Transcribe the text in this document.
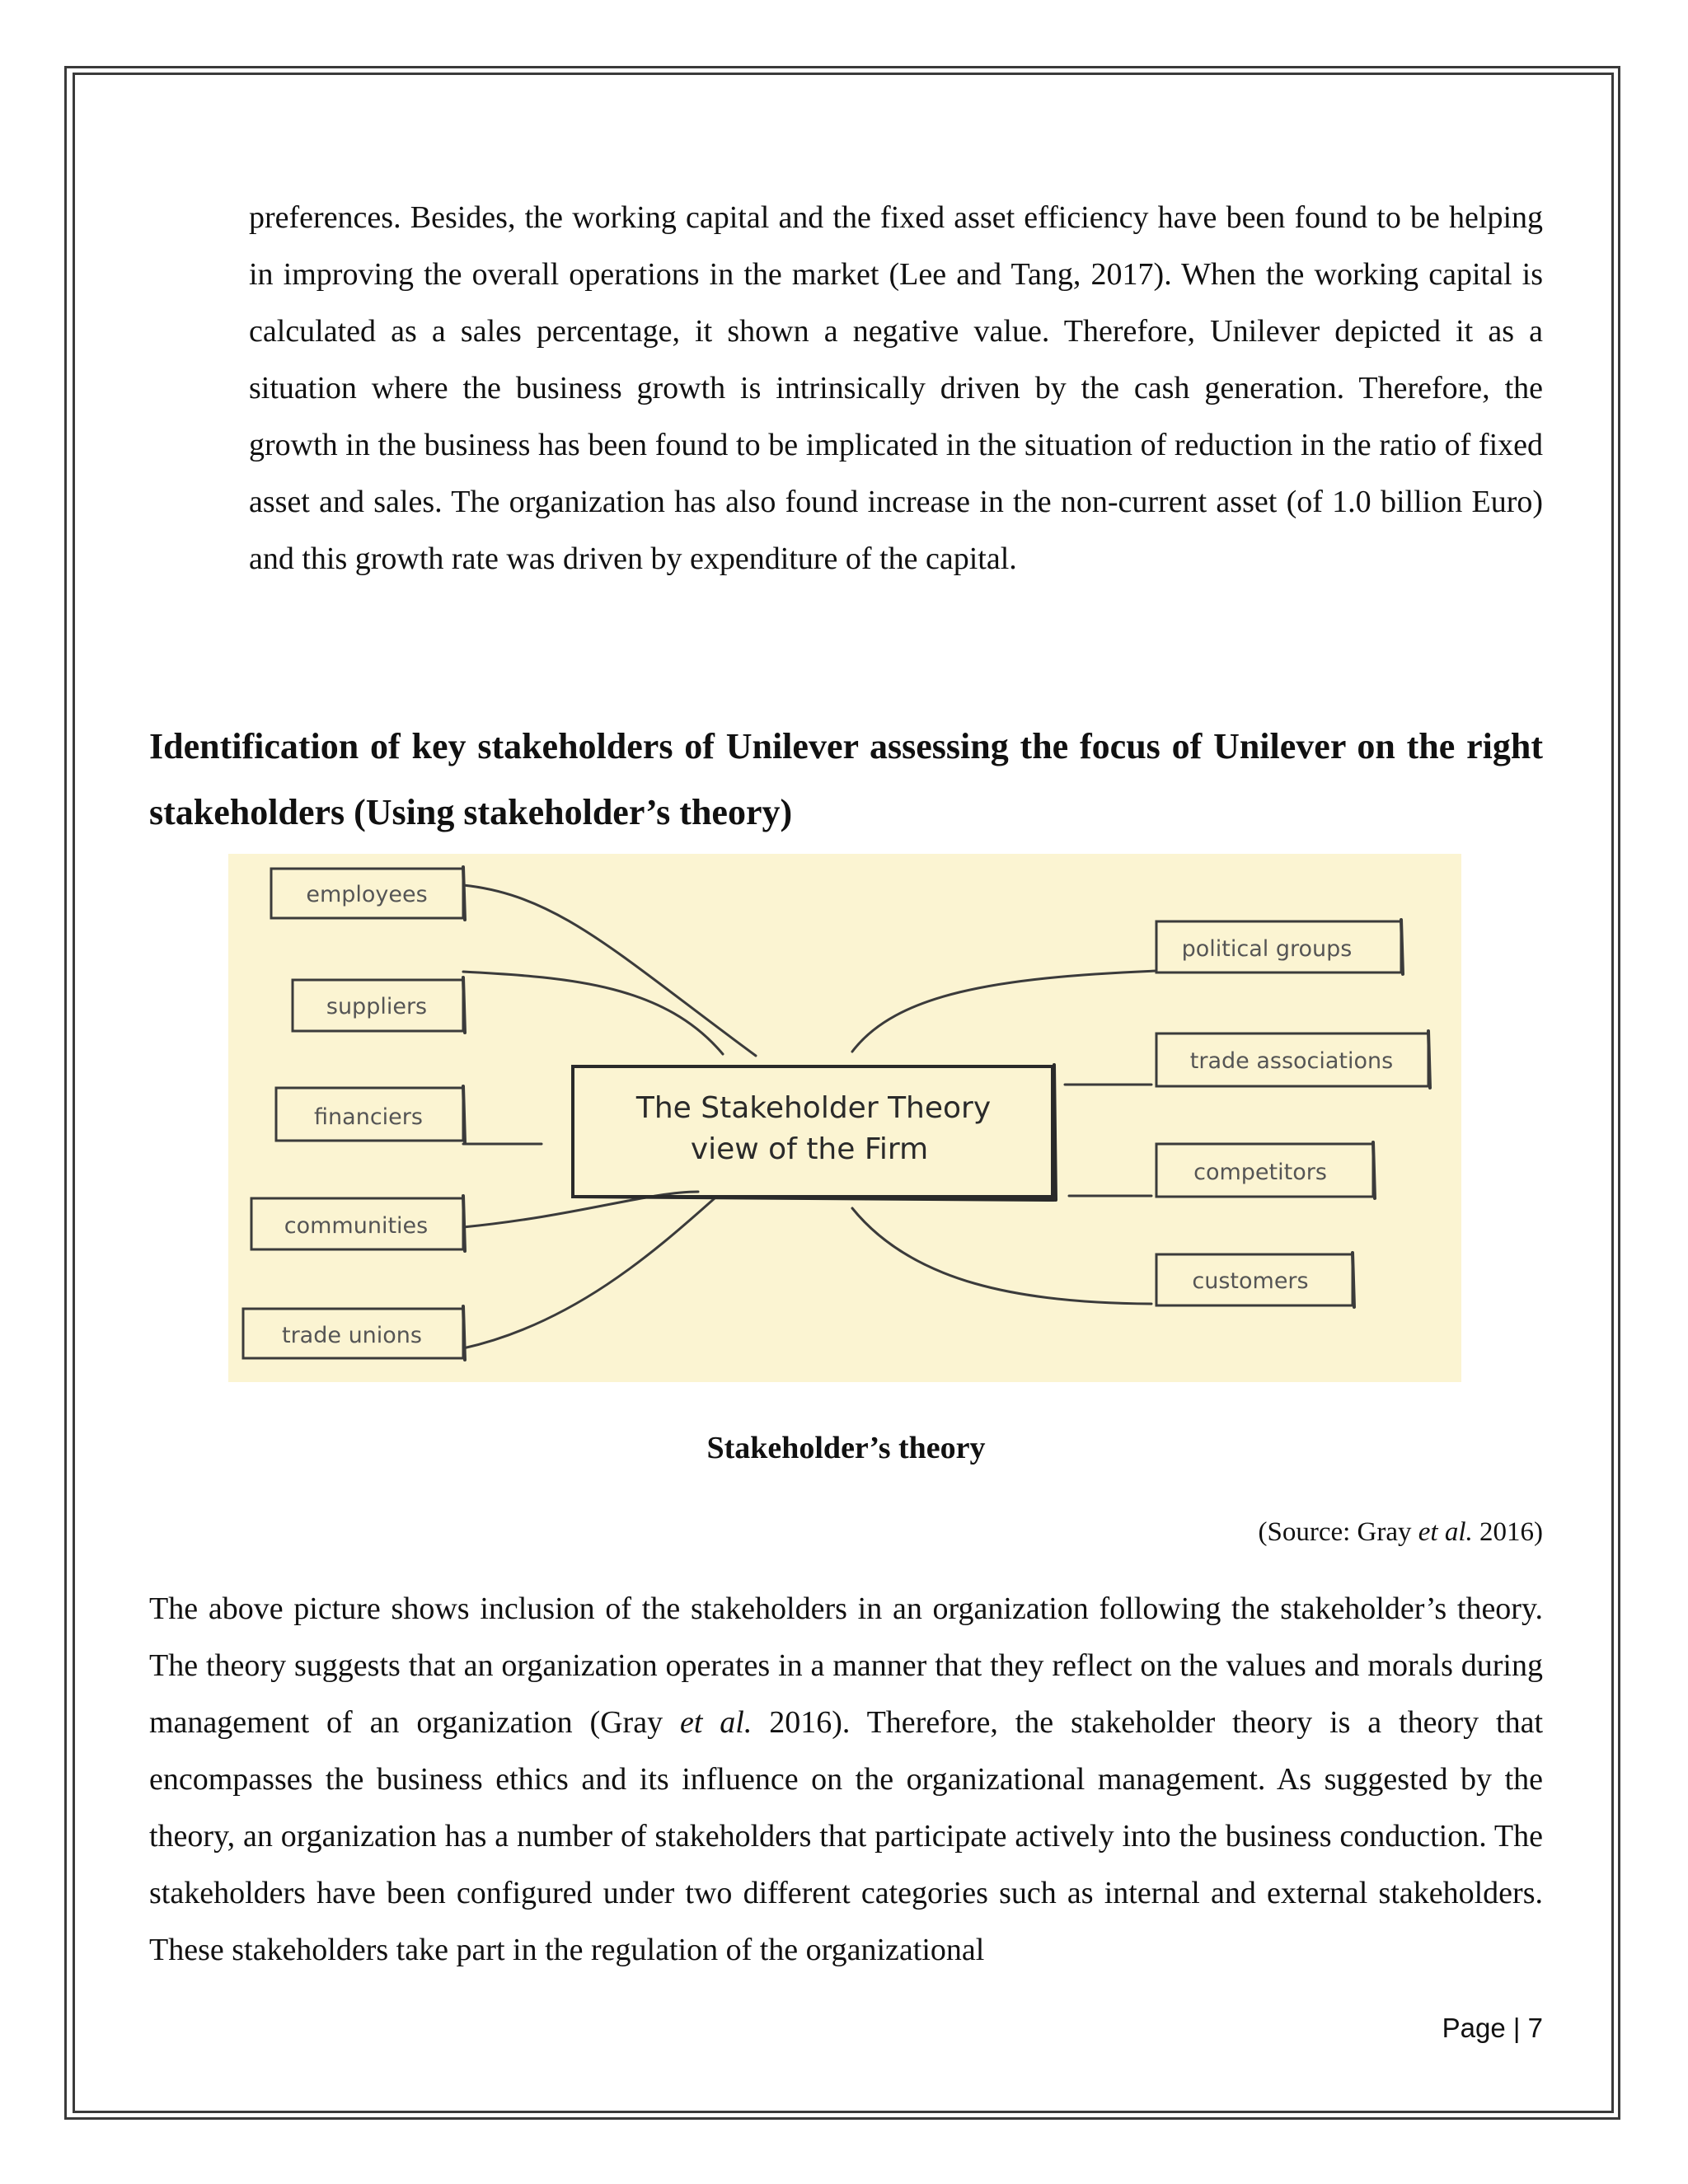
preferences. Besides, the working capital and the fixed asset efficiency have been found to be helping in improving the overall operations in the market (Lee and Tang, 2017). When the working capital is calculated as a sales percentage, it shown a negative value. Therefore, Unilever depicted it as a situation where the business growth is intrinsically driven by the cash generation. Therefore, the growth in the business has been found to be implicated in the situation of reduction in the ratio of fixed asset and sales. The organization has also found increase in the non-current asset (of 1.0 billion Euro) and this growth rate was driven by expenditure of the capital.

Identification of key stakeholders of Unilever assessing the focus of Unilever on the right stakeholders (Using stakeholder’s theory)
The Stakeholder Theory
view of the Firm
employees
suppliers
financiers
communities
trade unions
political groups
trade associations
competitors
customers

Stakeholder’s theory

(Source: Gray et al. 2016)

The above picture shows inclusion of the stakeholders in an organization following the stakeholder’s theory. The theory suggests that an organization operates in a manner that they reflect on the values and morals during management of an organization (Gray et al. 2016). Therefore, the stakeholder theory is a theory that encompasses the business ethics and its influence on the organizational management. As suggested by the theory, an organization has a number of stakeholders that participate actively into the business conduction. The stakeholders have been configured under two different categories such as internal and external stakeholders. These stakeholders take part in the regulation of the organizational

Page | 7
